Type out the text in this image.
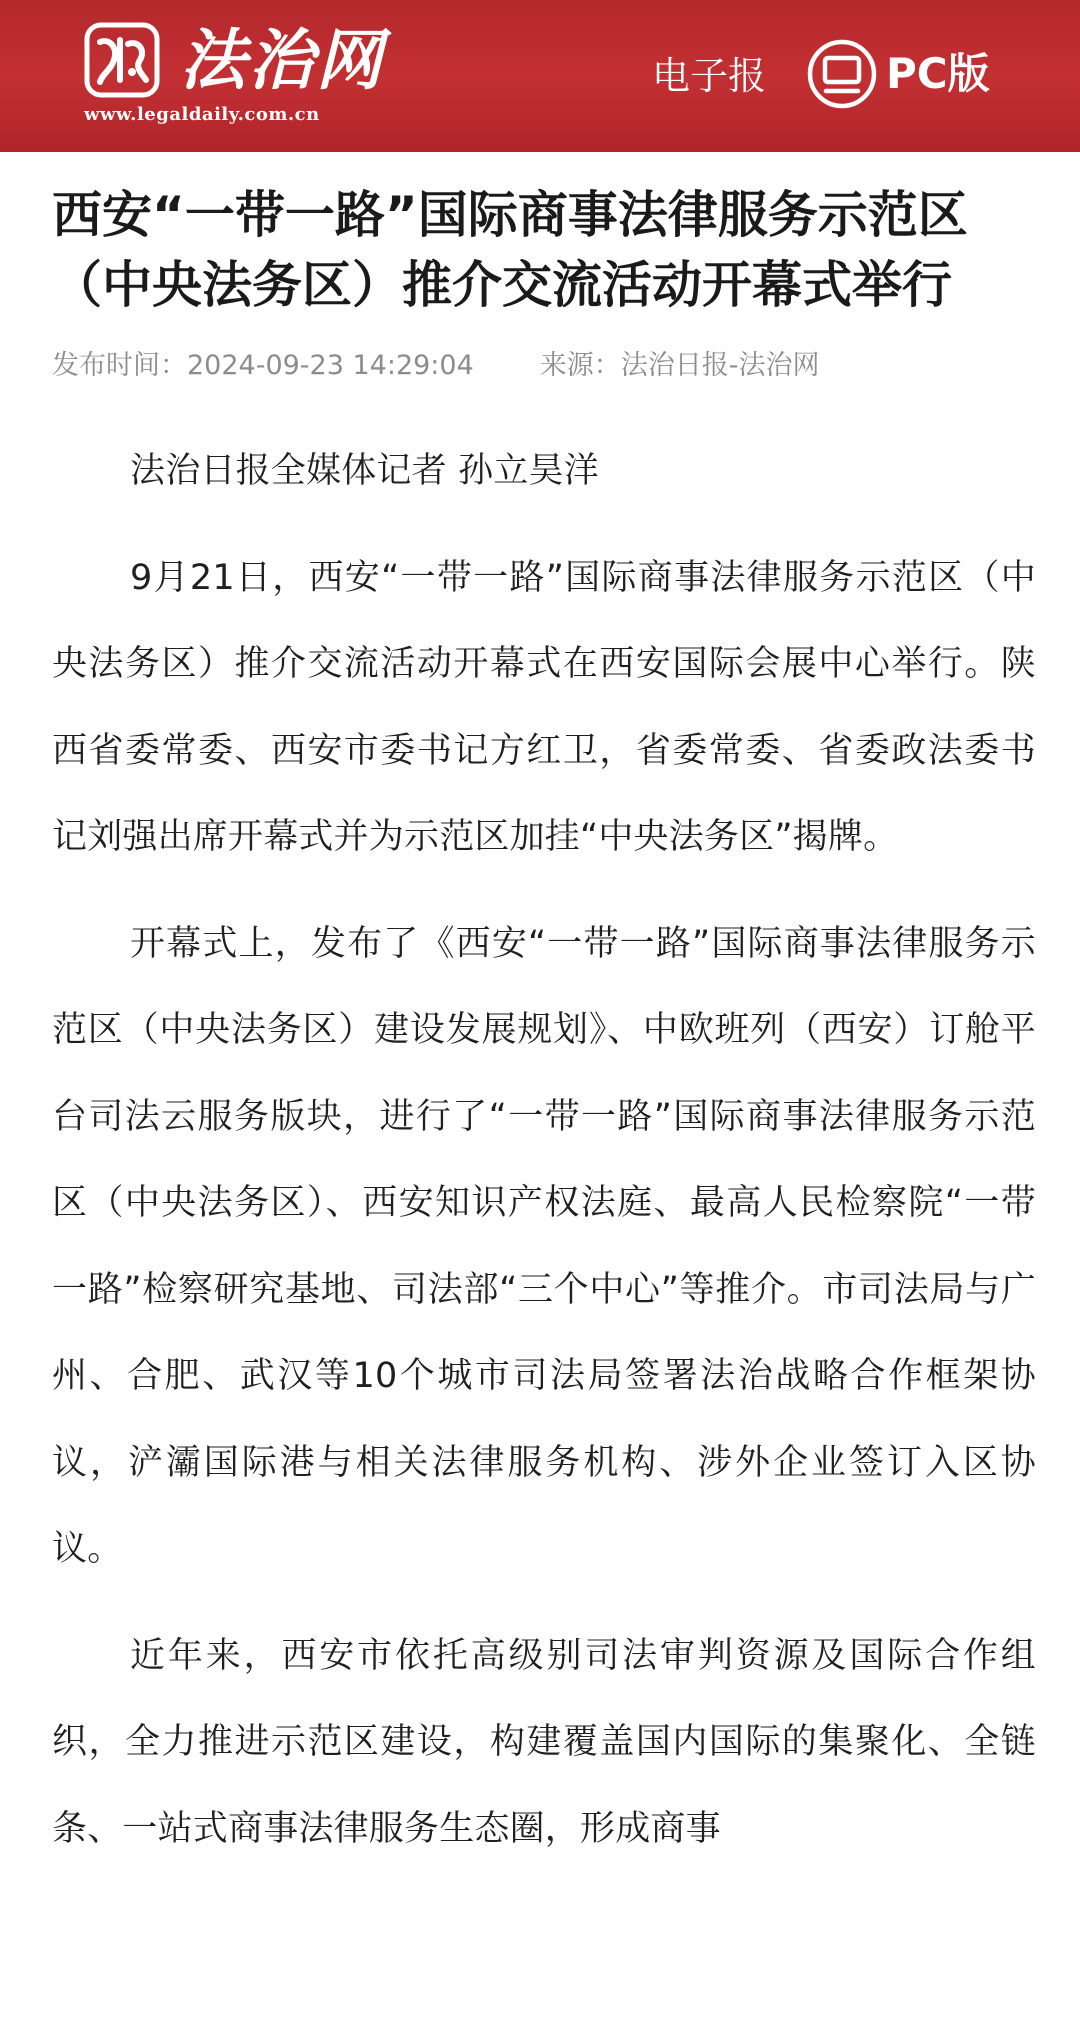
法治网
www.legaldaily.com.cn
电子报	PC版
西安“一带一路”国际商事法律服务示范区（中央法务区）推介交流活动开幕式举行
发布时间：2024-09-23 14:29:04 来源：法治日报-法治网

法治日报全媒体记者 孙立昊洋

9月21日，西安“一带一路”国际商事法律服务示范区（中央法务区）推介交流活动开幕式在西安国际会展中心举行。陕西省委常委、西安市委书记方红卫，省委常委、省委政法委书记刘强出席开幕式并为示范区加挂“中央法务区”揭牌。

开幕式上，发布了《西安“一带一路”国际商事法律服务示范区（中央法务区）建设发展规划》、中欧班列（西安）订舱平台司法云服务版块，进行了“一带一路”国际商事法律服务示范区（中央法务区）、西安知识产权法庭、最高人民检察院“一带一路”检察研究基地、司法部“三个中心”等推介。市司法局与广州、合肥、武汉等10个城市司法局签署法治战略合作框架协议，浐灞国际港与相关法律服务机构、涉外企业签订入区协议。

近年来，西安市依托高级别司法审判资源及国际合作组织，全力推进示范区建设，构建覆盖国内国际的集聚化、全链条、一站式商事法律服务生态圈，形成商事
